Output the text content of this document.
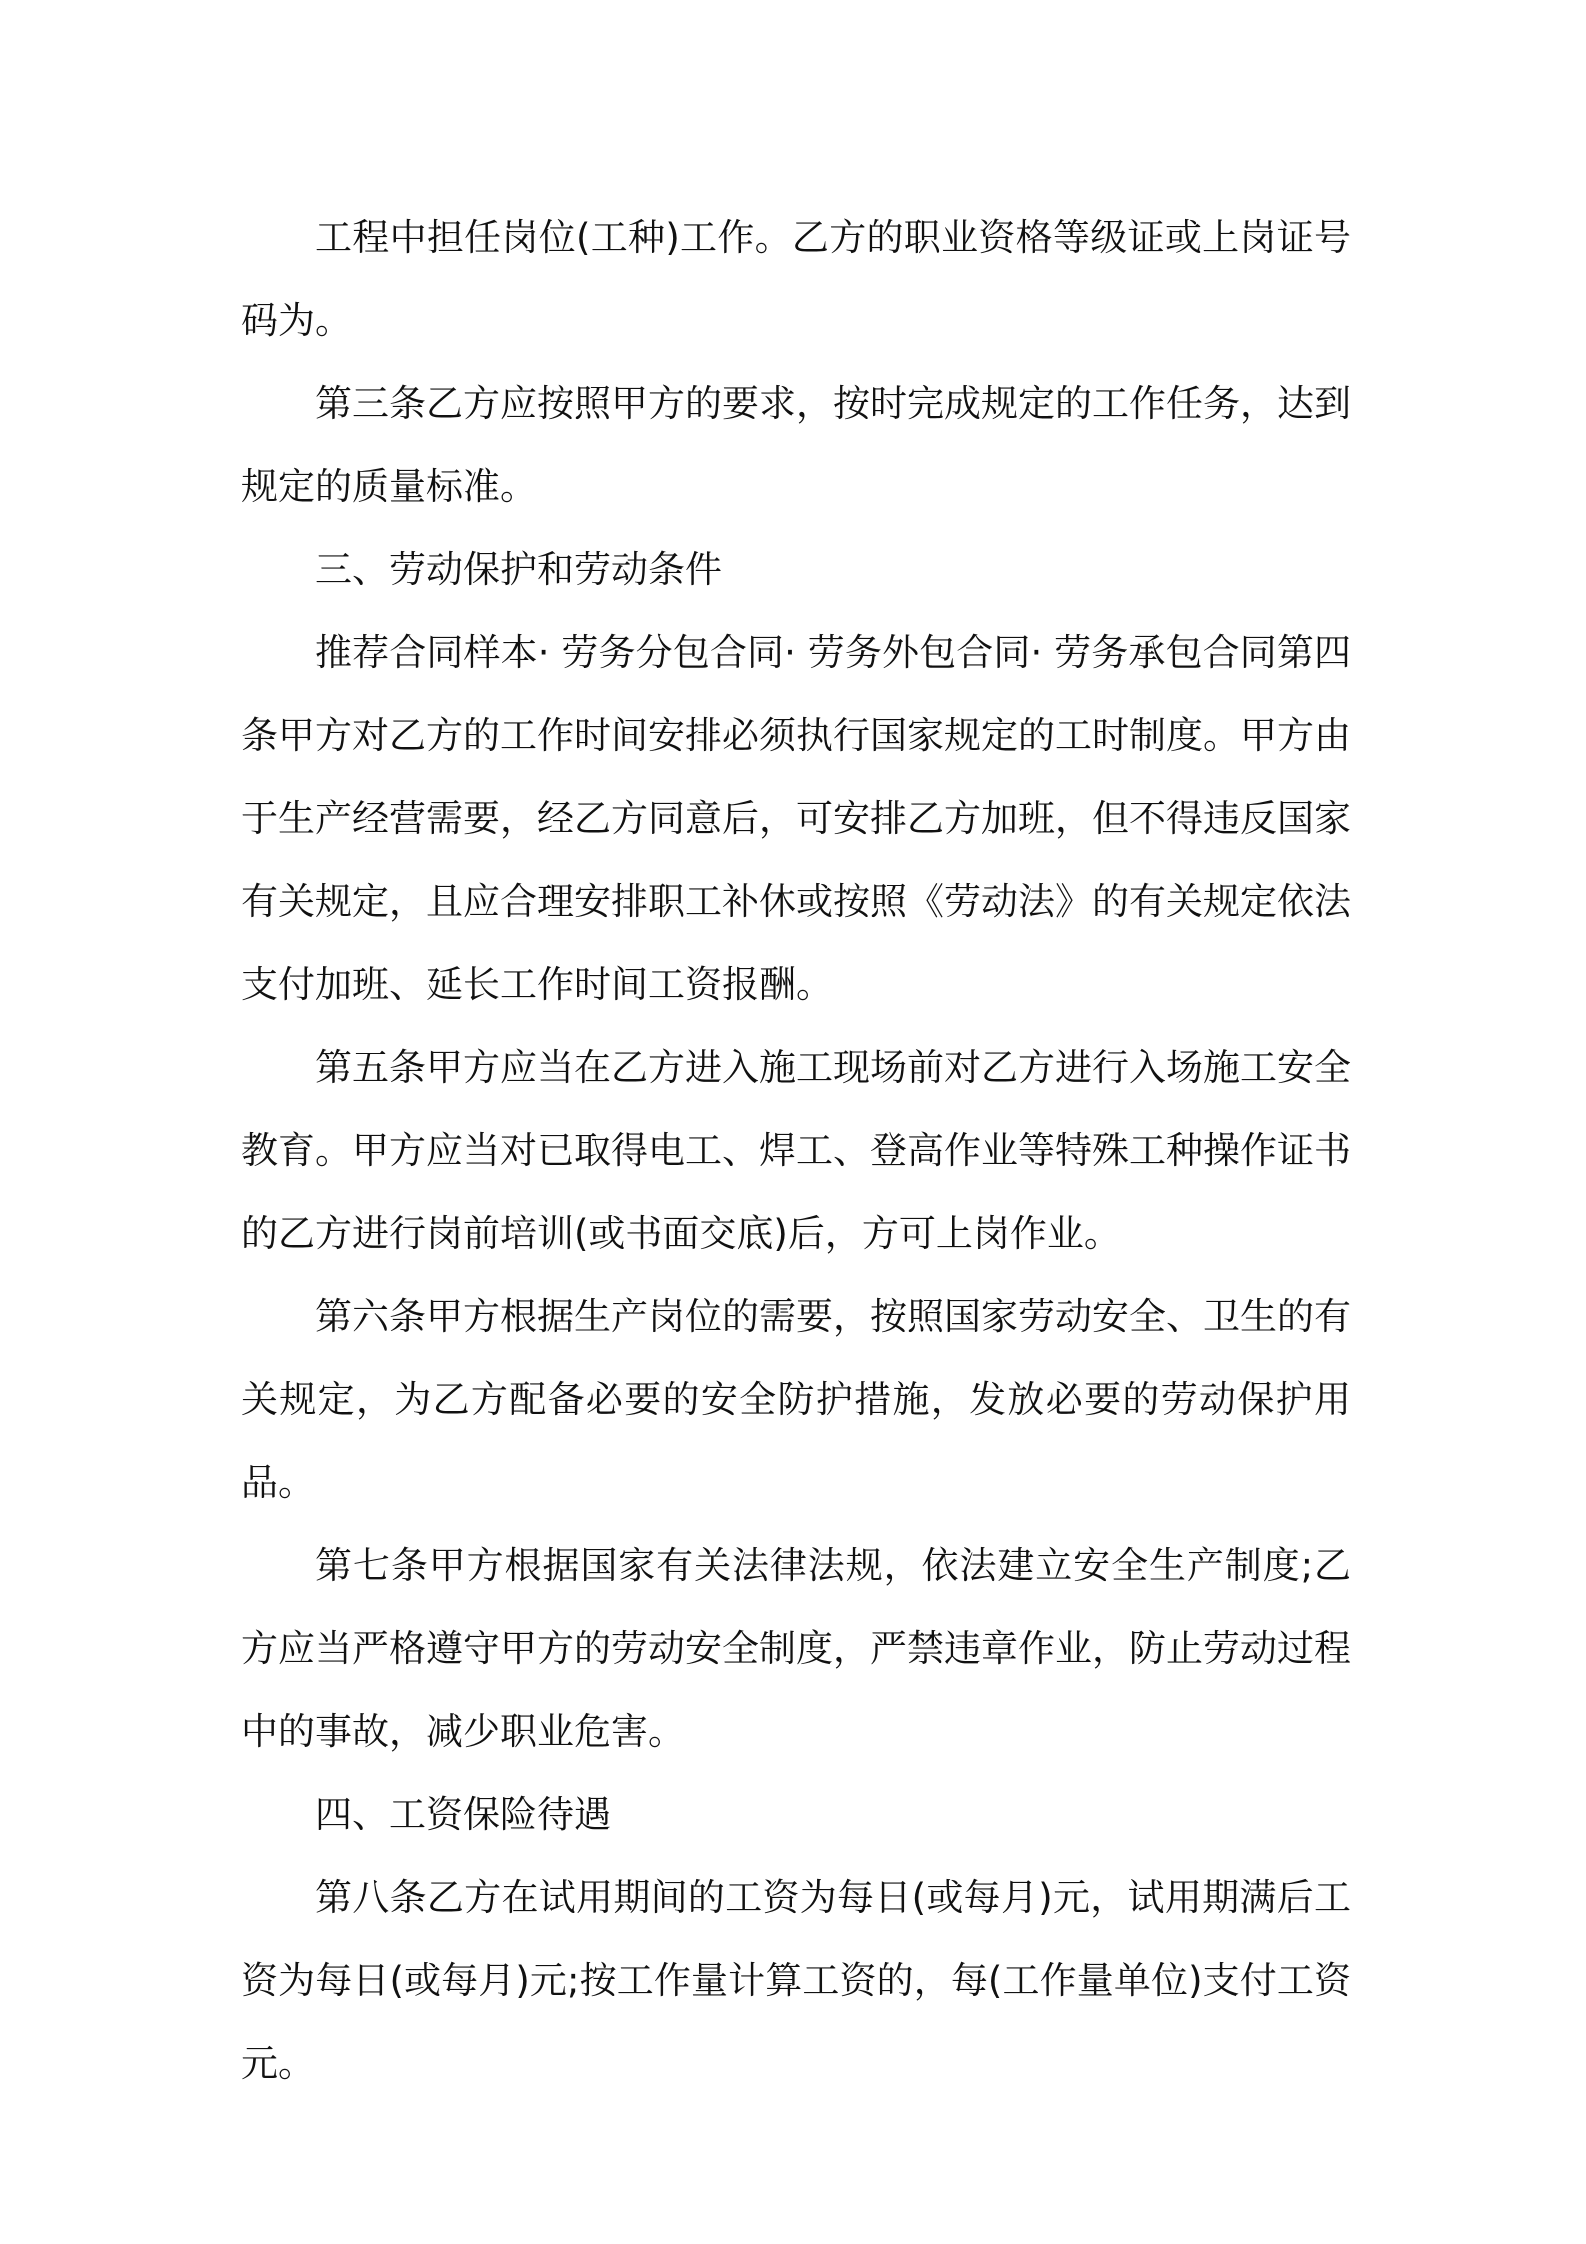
工程中担任岗位(工种)工作。乙方的职业资格等级证或上岗证号码为。

第三条乙方应按照甲方的要求，按时完成规定的工作任务，达到规定的质量标准。

三、劳动保护和劳动条件

推荐合同样本· 劳务分包合同· 劳务外包合同· 劳务承包合同第四条甲方对乙方的工作时间安排必须执行国家规定的工时制度。甲方由于生产经营需要，经乙方同意后，可安排乙方加班，但不得违反国家有关规定，且应合理安排职工补休或按照《劳动法》的有关规定依法支付加班、延长工作时间工资报酬。

第五条甲方应当在乙方进入施工现场前对乙方进行入场施工安全教育。甲方应当对已取得电工、焊工、登高作业等特殊工种操作证书的乙方进行岗前培训(或书面交底)后，方可上岗作业。

第六条甲方根据生产岗位的需要，按照国家劳动安全、卫生的有关规定，为乙方配备必要的安全防护措施，发放必要的劳动保护用品。

第七条甲方根据国家有关法律法规，依法建立安全生产制度;乙方应当严格遵守甲方的劳动安全制度，严禁违章作业，防止劳动过程中的事故，减少职业危害。

四、工资保险待遇

第八条乙方在试用期间的工资为每日(或每月)元，试用期满后工资为每日(或每月)元;按工作量计算工资的，每(工作量单位)支付工资元。
